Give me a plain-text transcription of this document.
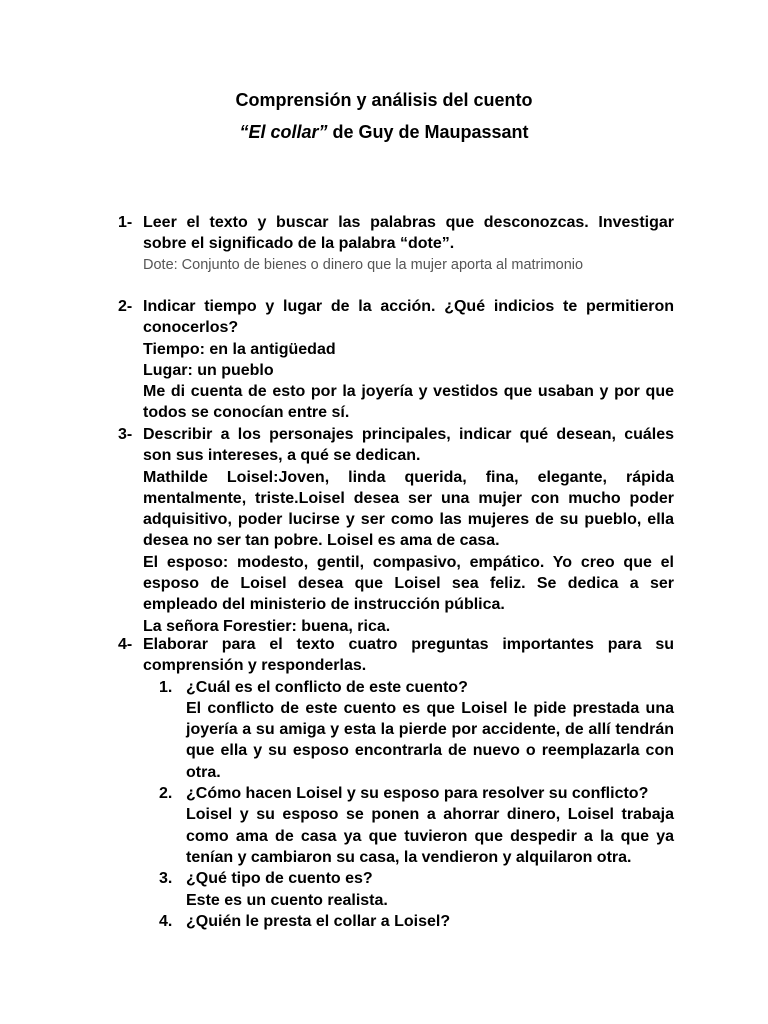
Comprensión y análisis del cuento
“El collar” de Guy de Maupassant
1- Leer el texto y buscar las palabras que desconozcas. Investigar sobre el significado de la palabra “dote”.

Dote: Conjunto de bienes o dinero que la mujer aporta al matrimonio

2- Indicar tiempo y lugar de la acción. ¿Qué indicios te permitieron conocerlos?

Tiempo: en la antigüedad

Lugar: un pueblo

Me di cuenta de esto por la joyería y vestidos que usaban y por que todos se conocían entre sí.

3- Describir a los personajes principales, indicar qué desean, cuáles son sus intereses, a qué se dedican.

Mathilde Loisel:Joven, linda querida, fina, elegante, rápida mentalmente, triste.Loisel desea ser una mujer con mucho poder adquisitivo, poder lucirse y ser como las mujeres de su pueblo, ella desea no ser tan pobre. Loisel es ama de casa.

El esposo: modesto, gentil, compasivo, empático. Yo creo que el esposo de Loisel desea que Loisel sea feliz. Se dedica a ser empleado del ministerio de instrucción pública.

La señora Forestier: buena, rica.

4- Elaborar para el texto cuatro preguntas importantes para su comprensión y responderlas.

1. ¿Cuál es el conflicto de este cuento?

El conflicto de este cuento es que Loisel le pide prestada una joyería a su amiga y esta la pierde por accidente, de allí tendrán que ella y su esposo encontrarla de nuevo o reemplazarla con otra.

2. ¿Cómo hacen Loisel y su esposo para resolver su conflicto?

Loisel y su esposo se ponen a ahorrar dinero, Loisel trabaja como ama de casa ya que tuvieron que despedir a la que ya tenían y cambiaron su casa, la vendieron y alquilaron otra.

3. ¿Qué tipo de cuento es?

Este es un cuento realista.

4. ¿Quién le presta el collar a Loisel?
